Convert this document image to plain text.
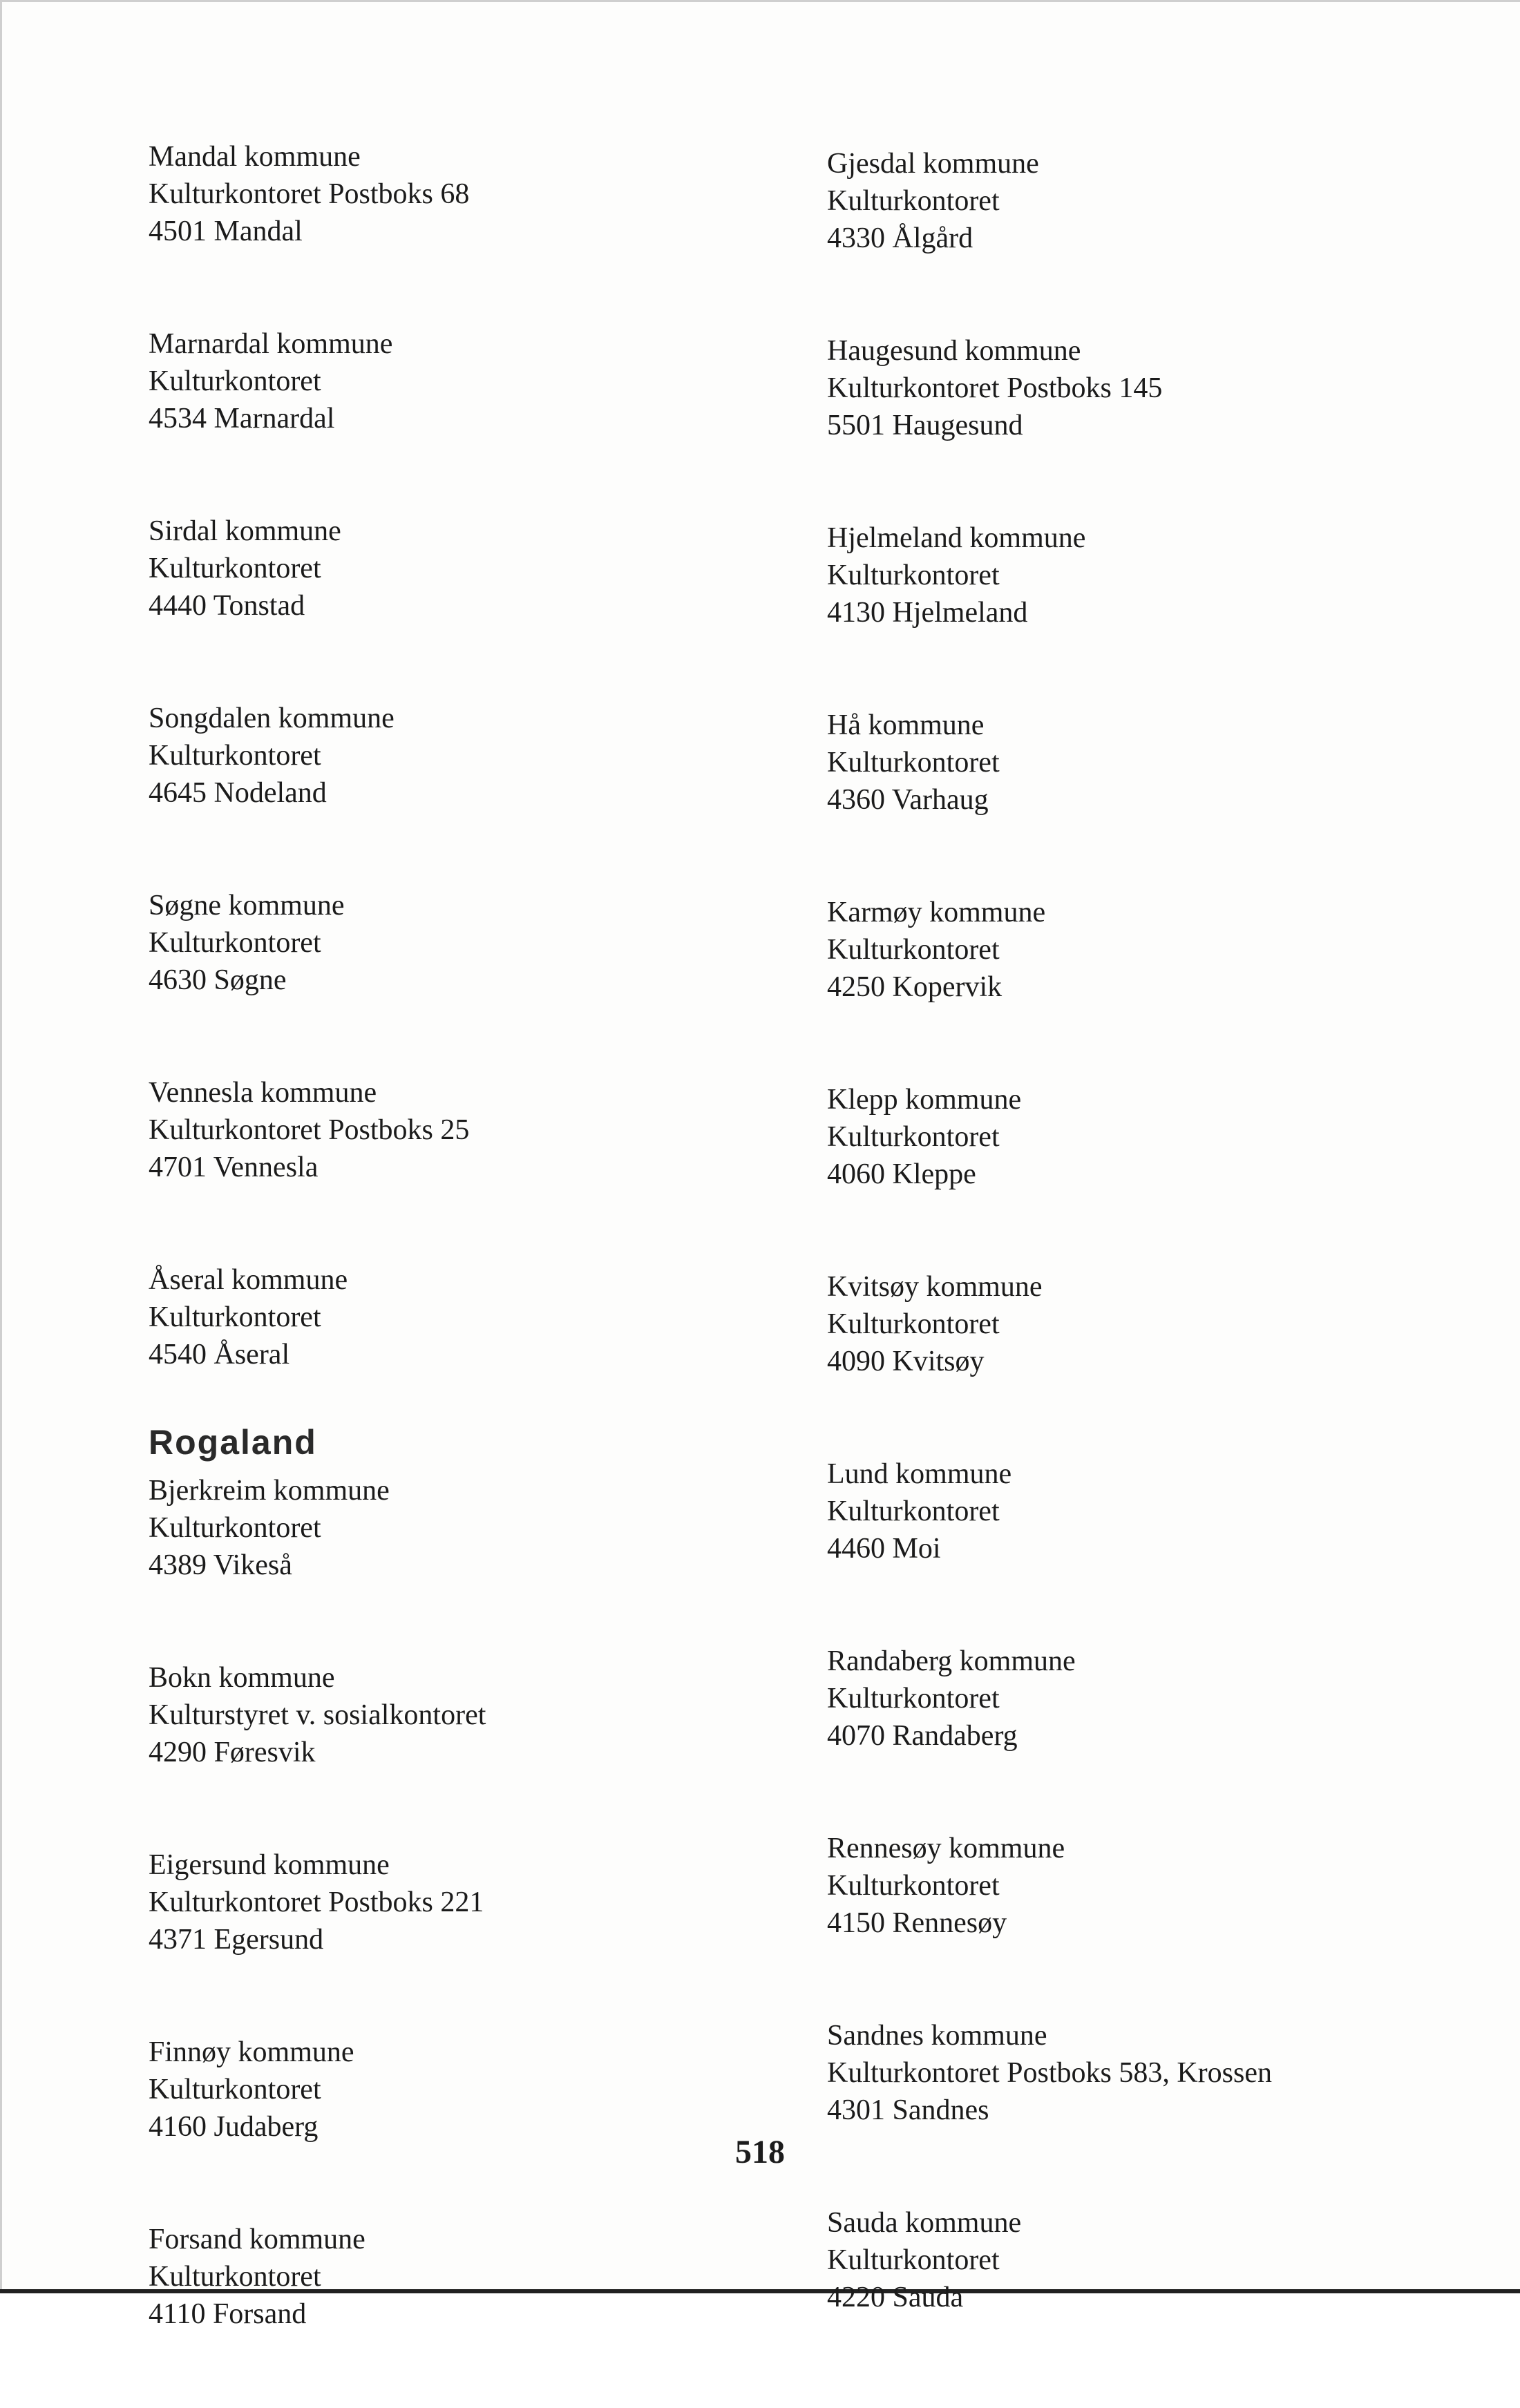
Mandal kommune
Kulturkontoret Postboks 68
4501 Mandal
Marnardal kommune
Kulturkontoret
4534 Marnardal
Sirdal kommune
Kulturkontoret
4440 Tonstad
Songdalen kommune
Kulturkontoret
4645 Nodeland
Søgne kommune
Kulturkontoret
4630 Søgne
Vennesla kommune
Kulturkontoret Postboks 25
4701 Vennesla
Åseral kommune
Kulturkontoret
4540 Åseral
Rogaland
Bjerkreim kommune
Kulturkontoret
4389 Vikeså
Bokn kommune
Kulturstyret v. sosialkontoret
4290 Føresvik
Eigersund kommune
Kulturkontoret Postboks 221
4371 Egersund
Finnøy kommune
Kulturkontoret
4160 Judaberg
Forsand kommune
Kulturkontoret
4110 Forsand
Gjesdal kommune
Kulturkontoret
4330 Ålgård
Haugesund kommune
Kulturkontoret Postboks 145
5501 Haugesund
Hjelmeland kommune
Kulturkontoret
4130 Hjelmeland
Hå kommune
Kulturkontoret
4360 Varhaug
Karmøy kommune
Kulturkontoret
4250 Kopervik
Klepp kommune
Kulturkontoret
4060 Kleppe
Kvitsøy kommune
Kulturkontoret
4090 Kvitsøy
Lund kommune
Kulturkontoret
4460 Moi
Randaberg kommune
Kulturkontoret
4070 Randaberg
Rennesøy kommune
Kulturkontoret
4150 Rennesøy
Sandnes kommune
Kulturkontoret Postboks 583, Krossen
4301 Sandnes
Sauda kommune
Kulturkontoret
4220 Sauda
518
